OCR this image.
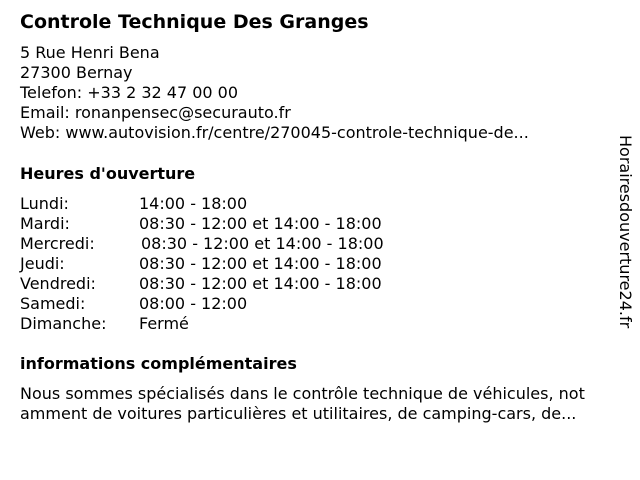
Controle Technique Des Granges
5 Rue Henri Bena
27300 Bernay
Telefon: +33 2 32 47 00 00
Email: ronanpensec@securauto.fr
Web: www.autovision.fr/centre/270045-controle-technique-de...
Heures d'ouverture
Lundi:	14:00 - 18:00
Mardi:	08:30 - 12:00 et 14:00 - 18:00
Mercredi:	08:30 - 12:00 et 14:00 - 18:00
Jeudi:	08:30 - 12:00 et 14:00 - 18:00
Vendredi:	08:30 - 12:00 et 14:00 - 18:00
Samedi:	08:00 - 12:00
Dimanche: Fermé
informations complémentaires
Nous sommes spécialisés dans le contrôle technique de véhicules, not
amment de voitures particulières et utilitaires, de camping-cars, de...
Horairesdouverture24.fr
